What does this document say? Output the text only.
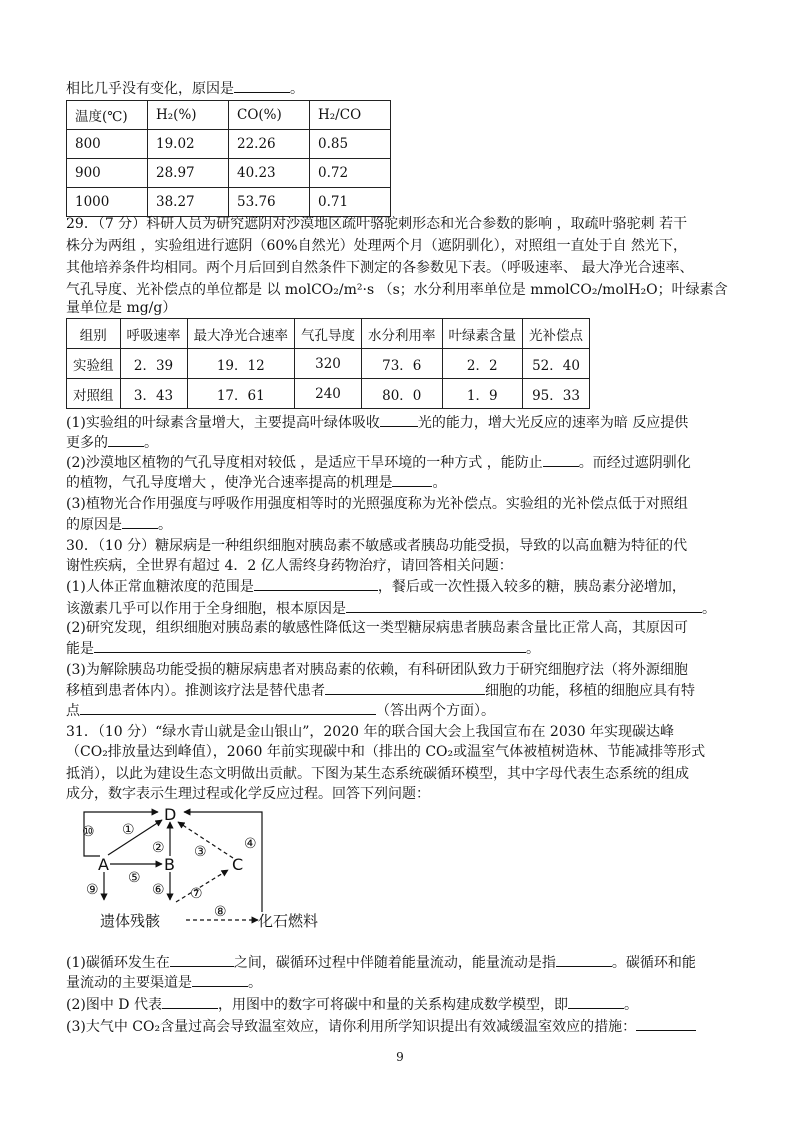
相比几乎没有变化，原因是	。
温度(℃)	H₂(%)	CO(%)	H₂/CO
800	19.02	22.26	0.85
900	28.97	40.23	0.72
1000	38.27	53.76	0.71
29．（7 分）科研人员为研究遮阴对沙漠地区疏叶骆驼刺形态和光合参数的影响 ，取疏叶骆驼刺 若干
株分为两组 ，实验组进行遮阴（60%自然光）处理两个月（遮阴驯化），对照组一直处于自 然光下，
其他培养条件均相同。两个月后回到自然条件下测定的各参数见下表。（呼吸速率、 最大净光合速率、
气孔导度、光补偿点的单位都是 以 molCO₂/m²·s （s；水分利用率单位是 mmolCO₂/molH₂O；叶绿素含
量单位是 mg/g）
组别	呼吸速率	最大净光合速率	气孔导度	水分利用率	叶绿素含量	光补偿点
实验组	2．39	19．12	320	73．6	2．2	52．40
对照组	3．43	17．61	240	80．0	1．9	95．33
(1)实验组的叶绿素含量增大，主要提高叶绿体吸收	光的能力，增大光反应的速率为暗 反应提供
更多的	。
(2)沙漠地区植物的气孔导度相对较低 ，是适应干旱环境的一种方式 ，能防止	。而经过遮阴驯化
的植物，气孔导度增大 ，使净光合速率提高的机理是	。
(3)植物光合作用强度与呼吸作用强度相等时的光照强度称为光补偿点。实验组的光补偿点低于对照组
的原因是	。
30．（10 分）糖尿病是一种组织细胞对胰岛素不敏感或者胰岛功能受损，导致的以高血糖为特征的代
谢性疾病，全世界有超过 4．2 亿人需终身药物治疗，请回答相关问题：
(1)人体正常血糖浓度的范围是	，餐后或一次性摄入较多的糖，胰岛素分泌增加，
该激素几乎可以作用于全身细胞，根本原因是	。
(2)研究发现，组织细胞对胰岛素的敏感性降低这一类型糖尿病患者胰岛素含量比正常人高，其原因可
能是	。
(3)为解除胰岛功能受损的糖尿病患者对胰岛素的依赖，有科研团队致力于研究细胞疗法（将外源细胞
移植到患者体内）。推测该疗法是替代患者	细胞的功能，移植的细胞应具有特
点	（答出两个方面）。
31．（10 分）“绿水青山就是金山银山”，2020 年的联合国大会上我国宣布在 2030 年实现碳达峰
（CO₂排放量达到峰值），2060 年前实现碳中和（排出的 CO₂或温室气体被植树造林、节能减排等形式
抵消），以此为建设生态文明做出贡献。下图为某生态系统碳循环模型，其中字母代表生态系统的组成
成分，数字表示生理过程或化学反应过程。回答下列问题：
D
A	B	C
遗体残骸	化石燃料
⑩ ①
② ③	④
⑤
⑥ ⑦
⑧
⑨
(1)碳循环发生在	之间，碳循环过程中伴随着能量流动，能量流动是指	。碳循环和能
量流动的主要渠道是	。
(2)图中 D 代表	，用图中的数字可将碳中和量的关系构建成数学模型，即	。
(3)大气中 CO₂含量过高会导致温室效应，请你利用所学知识提出有效减缓温室效应的措施：
9
